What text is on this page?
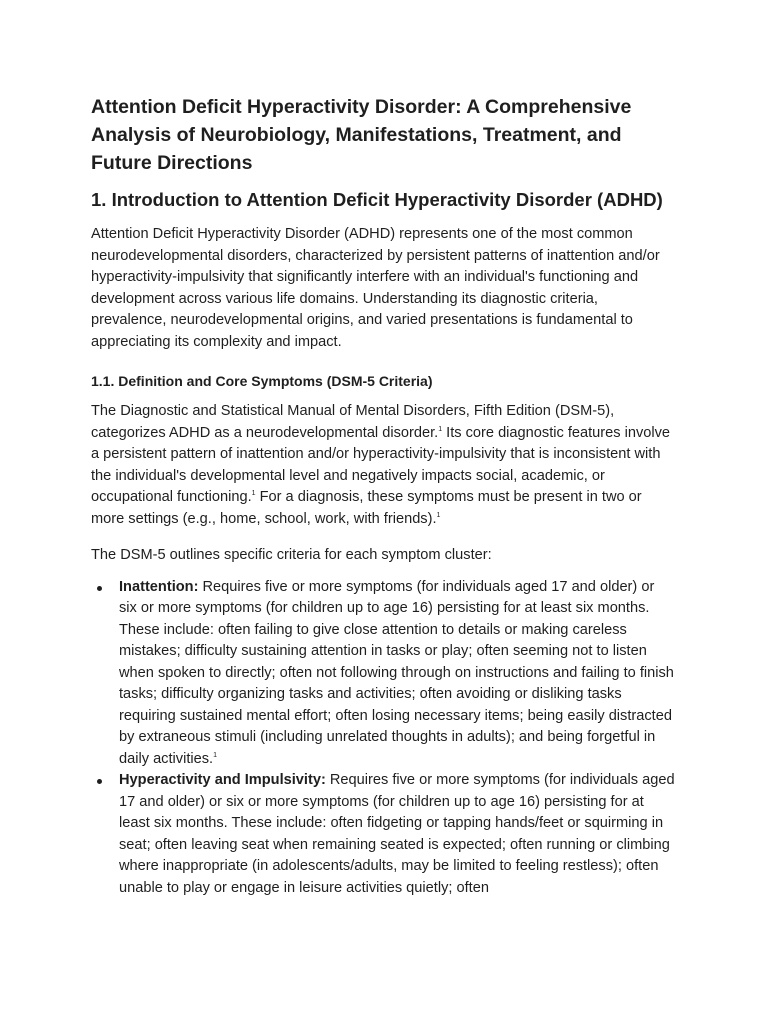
Attention Deficit Hyperactivity Disorder: A Comprehensive Analysis of Neurobiology, Manifestations, Treatment, and Future Directions
1. Introduction to Attention Deficit Hyperactivity Disorder (ADHD)

Attention Deficit Hyperactivity Disorder (ADHD) represents one of the most common neurodevelopmental disorders, characterized by persistent patterns of inattention and/or hyperactivity-impulsivity that significantly interfere with an individual's functioning and development across various life domains. Understanding its diagnostic criteria, prevalence, neurodevelopmental origins, and varied presentations is fundamental to appreciating its complexity and impact.

1.1. Definition and Core Symptoms (DSM-5 Criteria)

The Diagnostic and Statistical Manual of Mental Disorders, Fifth Edition (DSM-5), categorizes ADHD as a neurodevelopmental disorder.$^1$ Its core diagnostic features involve a persistent pattern of inattention and/or hyperactivity-impulsivity that is inconsistent with the individual's developmental level and negatively impacts social, academic, or occupational functioning.$^1$ For a diagnosis, these symptoms must be present in two or more settings (e.g., home, school, work, with friends).$^1$

The DSM-5 outlines specific criteria for each symptom cluster:

Inattention: Requires five or more symptoms (for individuals aged 17 and older) or six or more symptoms (for children up to age 16) persisting for at least six months. These include: often failing to give close attention to details or making careless mistakes; difficulty sustaining attention in tasks or play; often seeming not to listen when spoken to directly; often not following through on instructions and failing to finish tasks; difficulty organizing tasks and activities; often avoiding or disliking tasks requiring sustained mental effort; often losing necessary items; being easily distracted by extraneous stimuli (including unrelated thoughts in adults); and being forgetful in daily activities.$^1$
Hyperactivity and Impulsivity: Requires five or more symptoms (for individuals aged 17 and older) or six or more symptoms (for children up to age 16) persisting for at least six months. These include: often fidgeting or tapping hands/feet or squirming in seat; often leaving seat when remaining seated is expected; often running or climbing where inappropriate (in adolescents/adults, may be limited to feeling restless); often unable to play or engage in leisure activities quietly; often
